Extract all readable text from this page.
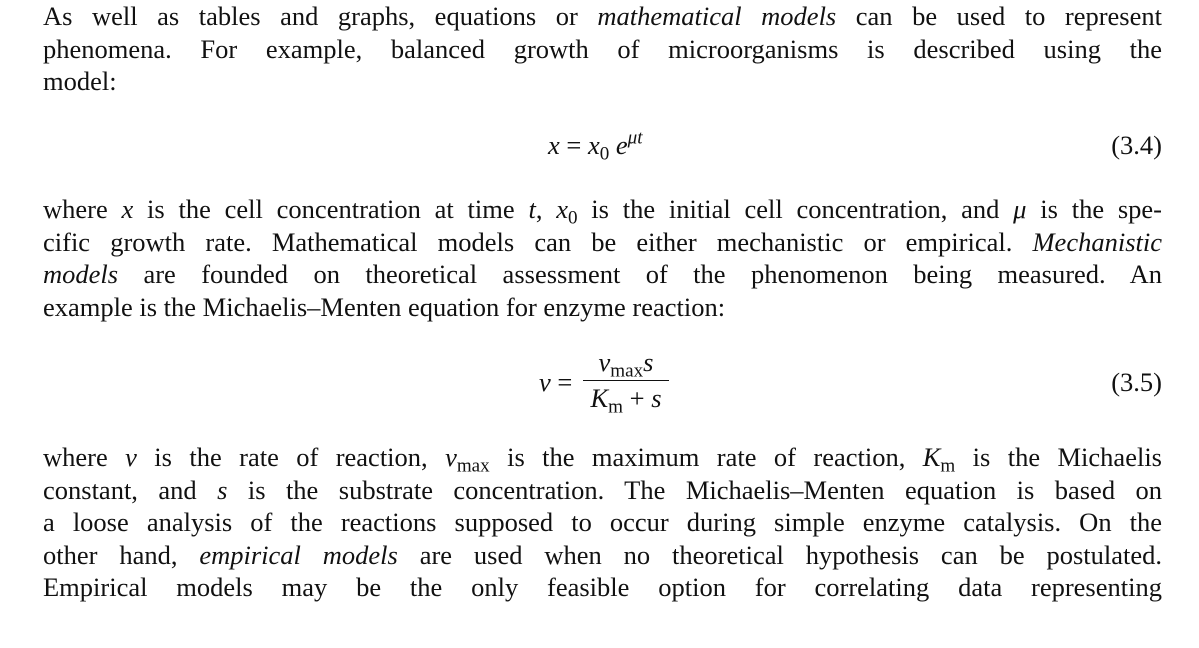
As well as tables and graphs, equations or mathematical models can be used to represent
phenomena. For example, balanced growth of microorganisms is described using the
model:
$x = x_0$ $e^{\mu t}$	(3.4)
where x is the cell concentration at time t, $x_0$ is the initial cell concentration, and μ is the spe-
cific growth rate. Mathematical models can be either mechanistic or empirical. Mechanistic
models are founded on theoretical assessment of the phenomenon being measured. An
example is the Michaelis–Menten equation for enzyme reaction:
v =
$v_{max}s$
$K_m + s$
(3.5)
where v is the rate of reaction, $v_{max}$ is the maximum rate of reaction, $K_m$ is the Michaelis
constant, and s is the substrate concentration. The Michaelis–Menten equation is based on
a loose analysis of the reactions supposed to occur during simple enzyme catalysis. On the
other hand, empirical models are used when no theoretical hypothesis can be postulated.
Empirical models may be the only feasible option for correlating data representing
